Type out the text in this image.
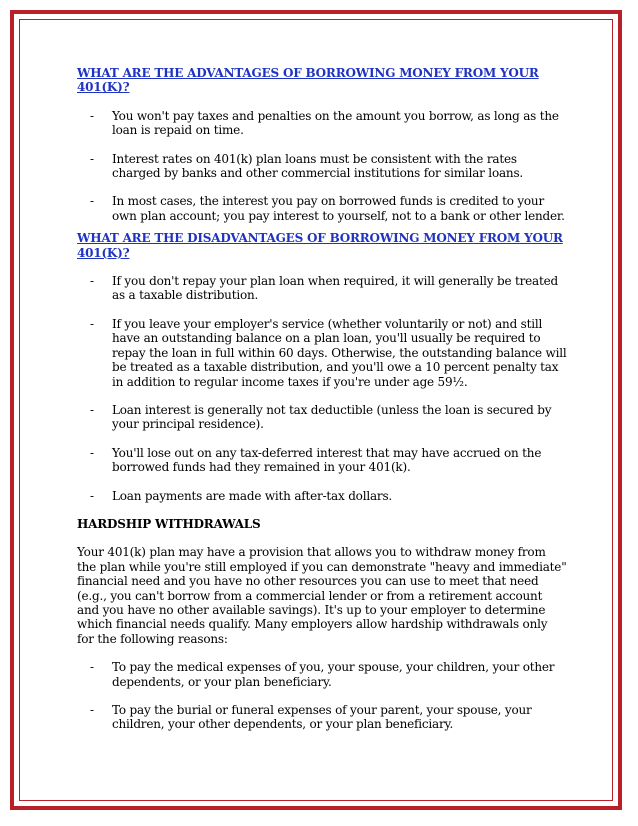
WHAT ARE THE ADVANTAGES OF BORROWING MONEY FROM YOUR 401(K)?
- You won't pay taxes and penalties on the amount you borrow, as long as the loan is repaid on time.
- Interest rates on 401(k) plan loans must be consistent with the rates charged by banks and other commercial institutions for similar loans.
- In most cases, the interest you pay on borrowed funds is credited to your own plan account; you pay interest to yourself, not to a bank or other lender.
WHAT ARE THE DISADVANTAGES OF BORROWING MONEY FROM YOUR 401(K)?
- If you don't repay your plan loan when required, it will generally be treated as a taxable distribution.
- If you leave your employer's service (whether voluntarily or not) and still have an outstanding balance on a plan loan, you'll usually be required to repay the loan in full within 60 days. Otherwise, the outstanding balance will be treated as a taxable distribution, and you'll owe a 10 percent penalty tax in addition to regular income taxes if you're under age 59½.
- Loan interest is generally not tax deductible (unless the loan is secured by your principal residence).
- You'll lose out on any tax-deferred interest that may have accrued on the borrowed funds had they remained in your 401(k).
- Loan payments are made with after-tax dollars.
HARDSHIP WITHDRAWALS

Your 401(k) plan may have a provision that allows you to withdraw money from the plan while you're still employed if you can demonstrate "heavy and immediate" financial need and you have no other resources you can use to meet that need (e.g., you can't borrow from a commercial lender or from a retirement account and you have no other available savings). It's up to your employer to determine which financial needs qualify. Many employers allow hardship withdrawals only for the following reasons:

- To pay the medical expenses of you, your spouse, your children, your other dependents, or your plan beneficiary.
- To pay the burial or funeral expenses of your parent, your spouse, your children, your other dependents, or your plan beneficiary.
